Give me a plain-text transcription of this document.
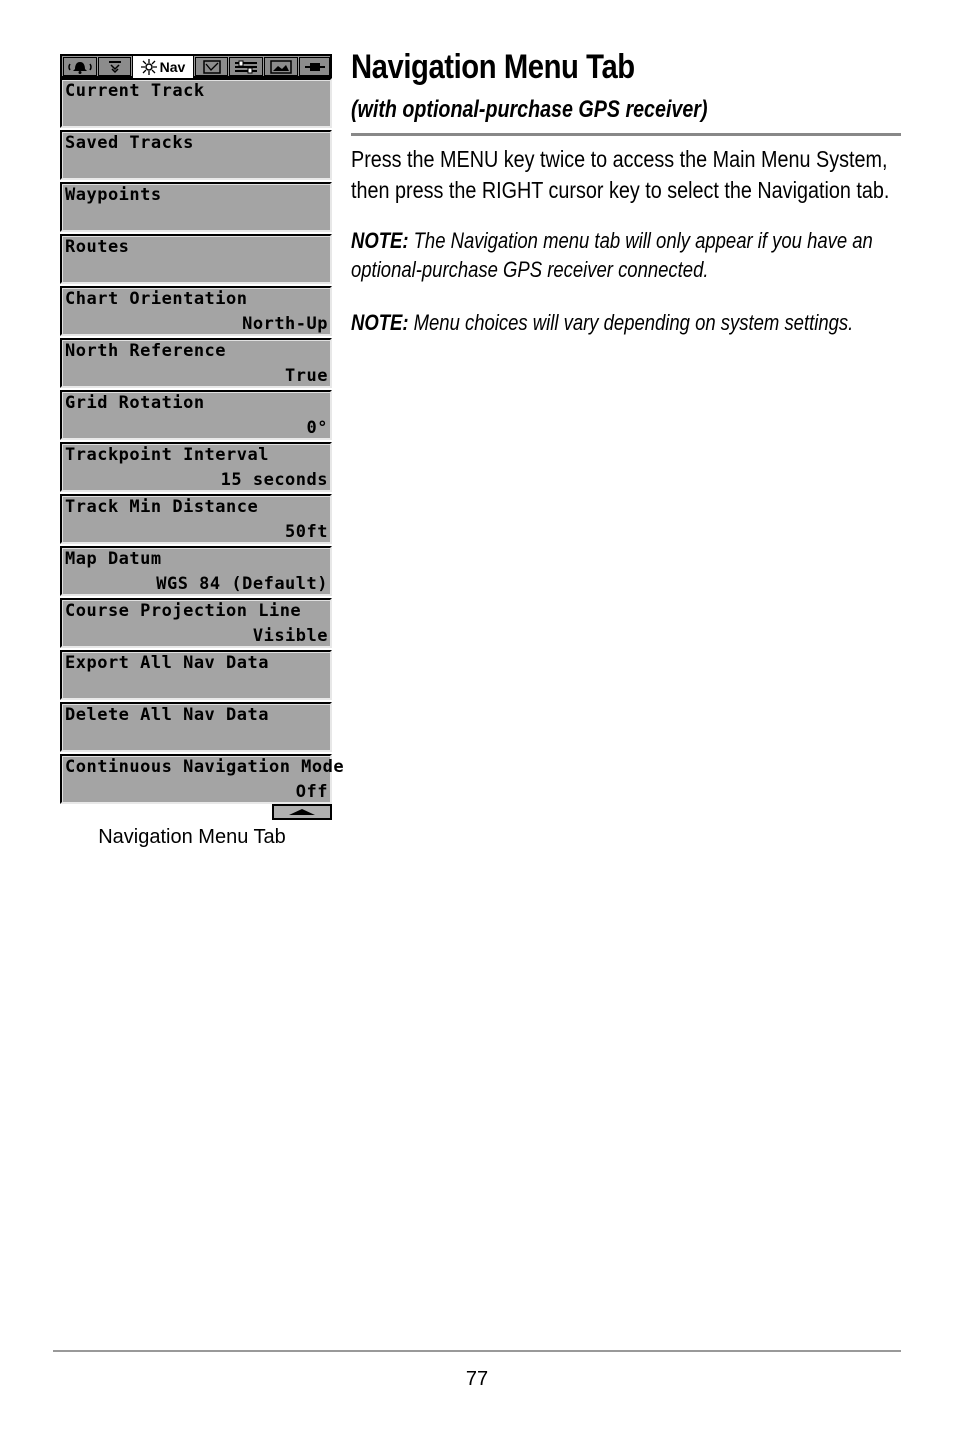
Nav
Current Track
Saved Tracks
Waypoints
Routes
Chart Orientation
North-Up
North Reference
True
Grid Rotation
0°
Trackpoint Interval
15 seconds
Track Min Distance
50ft
Map Datum
WGS 84 (Default)
Course Projection Line
Visible
Export All Nav Data
Delete All Nav Data
Continuous Navigation Mode
Off
Navigation Menu Tab
Navigation Menu Tab

(with optional-purchase GPS receiver)

Press the MENU key twice to access the Main Menu System, then press the RIGHT cursor key to select the Navigation tab.

NOTE: The Navigation menu tab will only appear if you have an optional-purchase GPS receiver connected.

NOTE: Menu choices will vary depending on system settings.

77
